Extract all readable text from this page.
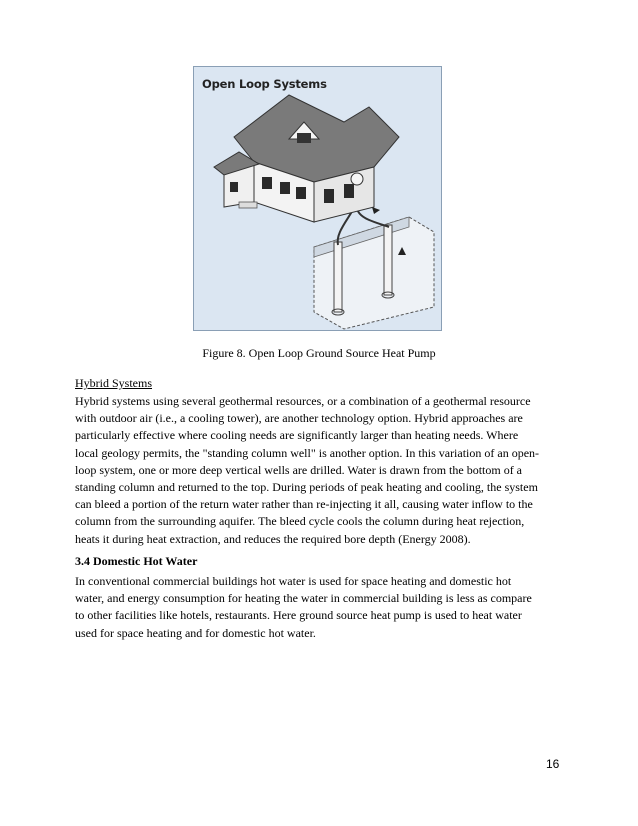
Open Loop Systems
Figure 8. Open Loop Ground Source Heat Pump
Hybrid Systems
Hybrid systems using several geothermal resources, or a combination of a geothermal resource
with outdoor air (i.e., a cooling tower), are another technology option. Hybrid approaches are
particularly effective where cooling needs are significantly larger than heating needs. Where
local geology permits, the "standing column well" is another option. In this variation of an open-
loop system, one or more deep vertical wells are drilled. Water is drawn from the bottom of a
standing column and returned to the top. During periods of peak heating and cooling, the system
can bleed a portion of the return water rather than re-injecting it all, causing water inflow to the
column from the surrounding aquifer. The bleed cycle cools the column during heat rejection,
heats it during heat extraction, and reduces the required bore depth (Energy 2008).
3.4 Domestic Hot Water
In conventional commercial buildings hot water is used for space heating and domestic hot
water, and energy consumption for heating the water in commercial building is less as compare
to other facilities like hotels, restaurants. Here ground source heat pump is used to heat water
used for space heating and for domestic hot water.
16
